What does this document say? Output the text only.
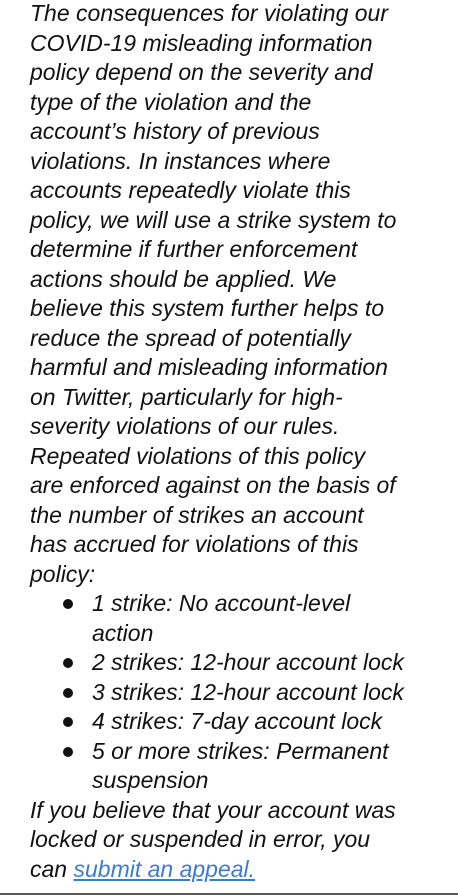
The consequences for violating our
COVID-19 misleading information
policy depend on the severity and
type of the violation and the
account’s history of previous
violations. In instances where
accounts repeatedly violate this
policy, we will use a strike system to
determine if further enforcement
actions should be applied. We
believe this system further helps to
reduce the spread of potentially
harmful and misleading information
on Twitter, particularly for high-
severity violations of our rules.
Repeated violations of this policy
are enforced against on the basis of
the number of strikes an account
has accrued for violations of this
policy:

1 strike: No account-level
action
2 strikes: 12-hour account lock
3 strikes: 12-hour account lock
4 strikes: 7-day account lock
5 or more strikes: Permanent
suspension

If you believe that your account was
locked or suspended in error, you
can submit an appeal.
